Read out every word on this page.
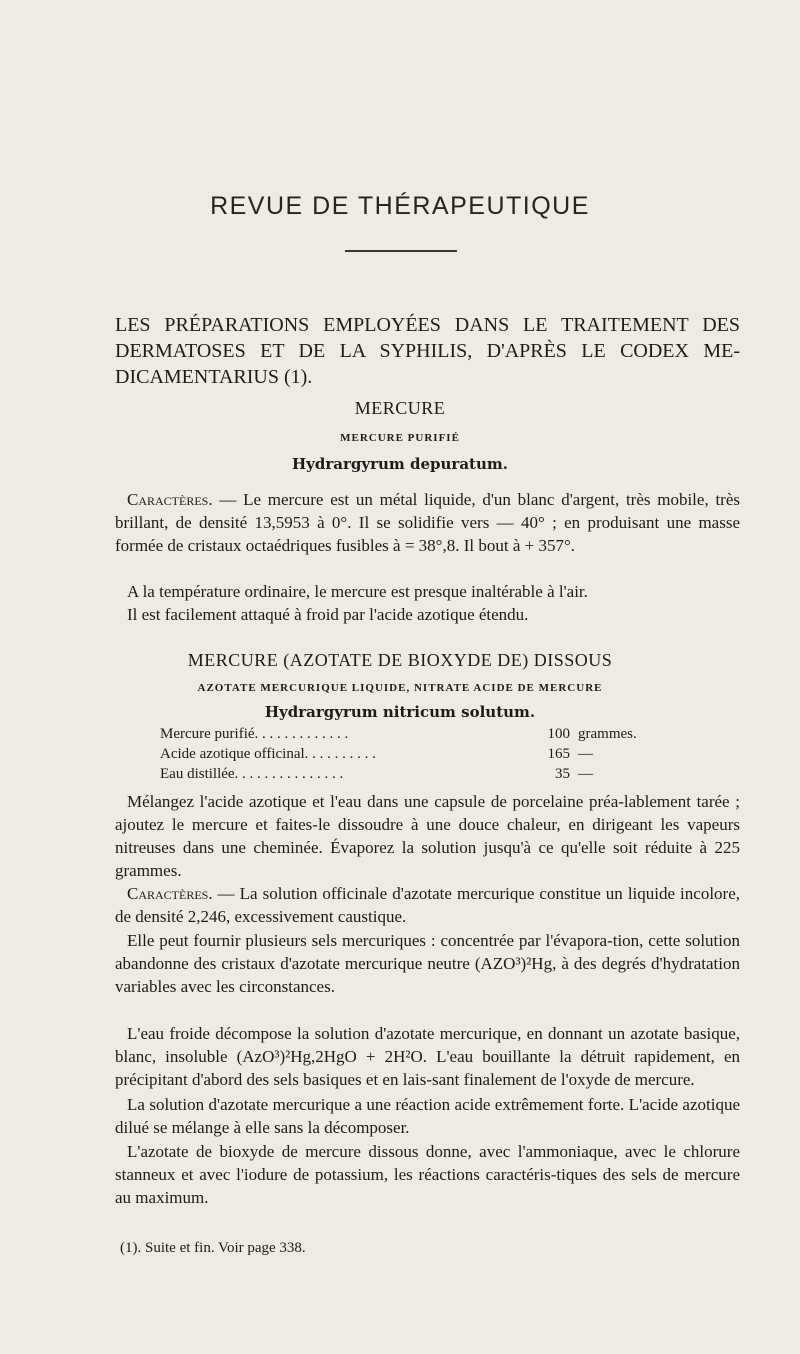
REVUE DE THÉRAPEUTIQUE
LES PRÉPARATIONS EMPLOYÉES DANS LE TRAITEMENT DES DERMATOSES ET DE LA SYPHILIS, D'APRÈS LE CODEX ME-DICAMENTARIUS (1).

MERCURE

MERCURE PURIFIÉ

Hydrargyrum depuratum.

Caractères. — Le mercure est un métal liquide, d'un blanc d'argent, très mobile, très brillant, de densité 13,5953 à 0°. Il se solidifie vers — 40° ; en produisant une masse formée de cristaux octaédriques fusibles à = 38°,8. Il bout à + 357°.

A la température ordinaire, le mercure est presque inaltérable à l'air.

Il est facilement attaqué à froid par l'acide azotique étendu.

MERCURE (AZOTATE DE BIOXYDE DE) DISSOUS

AZOTATE MERCURIQUE LIQUIDE, NITRATE ACIDE DE MERCURE

Hydrargyrum nitricum solutum.

Mercure purifié. . . . . . . . . . . . .	100 grammes.
Acide azotique officinal. . . . . . . . . .	165 —
Eau distillée. . . . . . . . . . . . . . .	35 —

Mélangez l'acide azotique et l'eau dans une capsule de porcelaine préa-lablement tarée ; ajoutez le mercure et faites-le dissoudre à une douce chaleur, en dirigeant les vapeurs nitreuses dans une cheminée. Évaporez la solution jusqu'à ce qu'elle soit réduite à 225 grammes.

Caractères. — La solution officinale d'azotate mercurique constitue un liquide incolore, de densité 2,246, excessivement caustique.

Elle peut fournir plusieurs sels mercuriques : concentrée par l'évapora-tion, cette solution abandonne des cristaux d'azotate mercurique neutre (AZO³)²Hg, à des degrés d'hydratation variables avec les circonstances.

L'eau froide décompose la solution d'azotate mercurique, en donnant un azotate basique, blanc, insoluble (AzO³)²Hg,2HgO + 2H²O. L'eau bouillante la détruit rapidement, en précipitant d'abord des sels basiques et en lais-sant finalement de l'oxyde de mercure.

La solution d'azotate mercurique a une réaction acide extrêmement forte. L'acide azotique dilué se mélange à elle sans la décomposer.

L'azotate de bioxyde de mercure dissous donne, avec l'ammoniaque, avec le chlorure stanneux et avec l'iodure de potassium, les réactions caractéris-tiques des sels de mercure au maximum.

(1). Suite et fin. Voir page 338.
